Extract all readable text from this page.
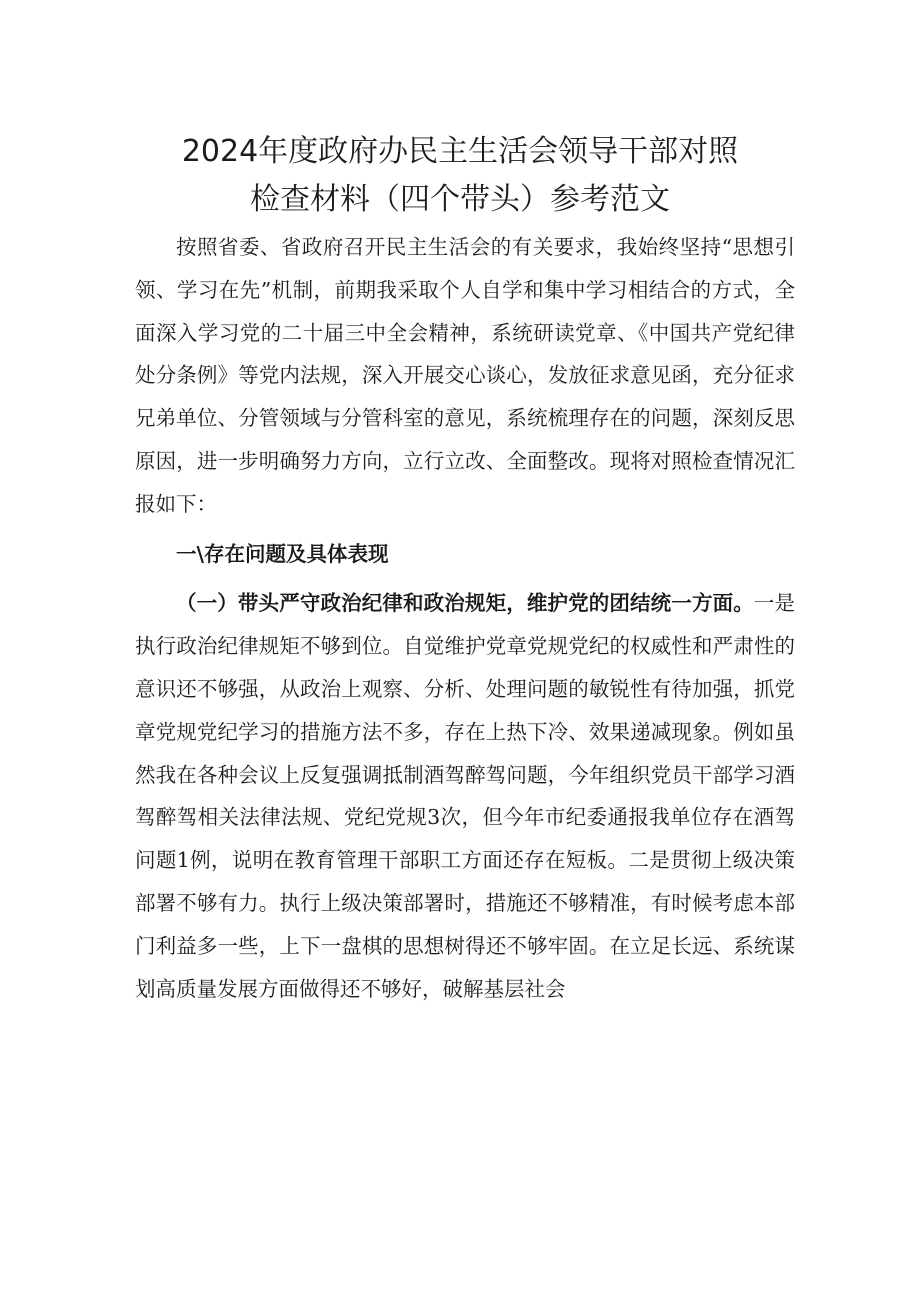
2024年度政府办民主生活会领导干部对照
检查材料（四个带头）参考范文

按照省委、省政府召开民主生活会的有关要求，我始终坚持“思想引领、学习在先”机制，前期我采取个人自学和集中学习相结合的方式，全面深入学习党的二十届三中全会精神，系统研读党章、《中国共产党纪律处分条例》等党内法规，深入开展交心谈心，发放征求意见函，充分征求兄弟单位、分管领域与分管科室的意见，系统梳理存在的问题，深刻反思原因，进一步明确努力方向，立行立改、全面整改。现将对照检查情况汇报如下：

一\存在问题及具体表现

（一）带头严守政治纪律和政治规矩，维护党的团结统一方面。一是执行政治纪律规矩不够到位。自觉维护党章党规党纪的权威性和严肃性的意识还不够强，从政治上观察、分析、处理问题的敏锐性有待加强，抓党章党规党纪学习的措施方法不多，存在上热下冷、效果递减现象。例如虽然我在各种会议上反复强调抵制酒驾醉驾问题，今年组织党员干部学习酒驾醉驾相关法律法规、党纪党规3次，但今年市纪委通报我单位存在酒驾问题1例，说明在教育管理干部职工方面还存在短板。二是贯彻上级决策部署不够有力。执行上级决策部署时，措施还不够精准，有时候考虑本部门利益多一些，上下一盘棋的思想树得还不够牢固。在立足长远、系统谋划高质量发展方面做得还不够好，破解基层社会
